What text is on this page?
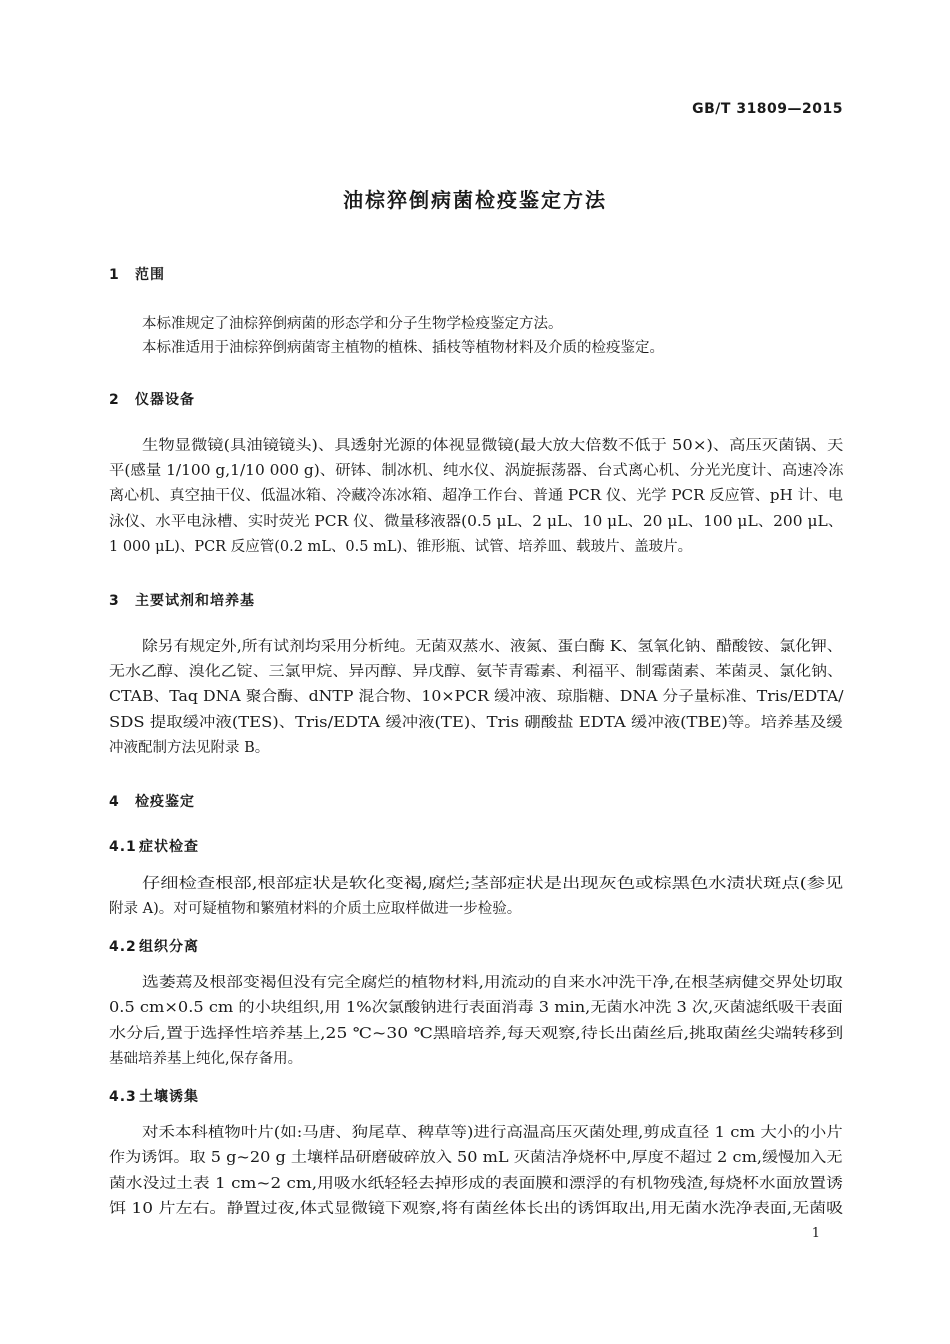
GB/T 31809—2015
油棕猝倒病菌检疫鉴定方法
1 范围
本标准规定了油棕猝倒病菌的形态学和分子生物学检疫鉴定方法。
本标准适用于油棕猝倒病菌寄主植物的植株、插枝等植物材料及介质的检疫鉴定。
2 仪器设备
生物显微镜(具油镜镜头)、具透射光源的体视显微镜(最大放大倍数不低于 50×)、高压灭菌锅、天
平(感量 1/100 g,1/10 000 g)、研钵、制冰机、纯水仪、涡旋振荡器、台式离心机、分光光度计、高速冷冻
离心机、真空抽干仪、低温冰箱、冷藏冷冻冰箱、超净工作台、普通 PCR 仪、光学 PCR 反应管、pH 计、电
泳仪、水平电泳槽、实时荧光 PCR 仪、微量移液器(0.5 μL、2 μL、10 μL、20 μL、100 μL、200 μL、
1 000 μL)、PCR 反应管(0.2 mL、0.5 mL)、锥形瓶、试管、培养皿、载玻片、盖玻片。
3 主要试剂和培养基
除另有规定外,所有试剂均采用分析纯。无菌双蒸水、液氮、蛋白酶 K、氢氧化钠、醋酸铵、氯化钾、
无水乙醇、溴化乙锭、三氯甲烷、异丙醇、异戊醇、氨苄青霉素、利福平、制霉菌素、苯菌灵、氯化钠、
CTAB、Taq DNA 聚合酶、dNTP 混合物、10×PCR 缓冲液、琼脂糖、DNA 分子量标准、Tris/EDTA/
SDS 提取缓冲液(TES)、Tris/EDTA 缓冲液(TE)、Tris 硼酸盐 EDTA 缓冲液(TBE)等。培养基及缓
冲液配制方法见附录 B。
4 检疫鉴定
4.1 症状检查
仔细检查根部,根部症状是软化变褐,腐烂;茎部症状是出现灰色或棕黑色水渍状斑点(参见
附录 A)。对可疑植物和繁殖材料的介质土应取样做进一步检验。
4.2 组织分离
选萎蔫及根部变褐但没有完全腐烂的植物材料,用流动的自来水冲洗干净,在根茎病健交界处切取
0.5 cm×0.5 cm 的小块组织,用 1%次氯酸钠进行表面消毒 3 min,无菌水冲洗 3 次,灭菌滤纸吸干表面
水分后,置于选择性培养基上,25 ℃~30 ℃黑暗培养,每天观察,待长出菌丝后,挑取菌丝尖端转移到
基础培养基上纯化,保存备用。
4.3 土壤诱集
对禾本科植物叶片(如:马唐、狗尾草、稗草等)进行高温高压灭菌处理,剪成直径 1 cm 大小的小片
作为诱饵。取 5 g~20 g 土壤样品研磨破碎放入 50 mL 灭菌洁净烧杯中,厚度不超过 2 cm,缓慢加入无
菌水没过土表 1 cm~2 cm,用吸水纸轻轻去掉形成的表面膜和漂浮的有机物残渣,每烧杯水面放置诱
饵 10 片左右。静置过夜,体式显微镜下观察,将有菌丝体长出的诱饵取出,用无菌水洗净表面,无菌吸
1
